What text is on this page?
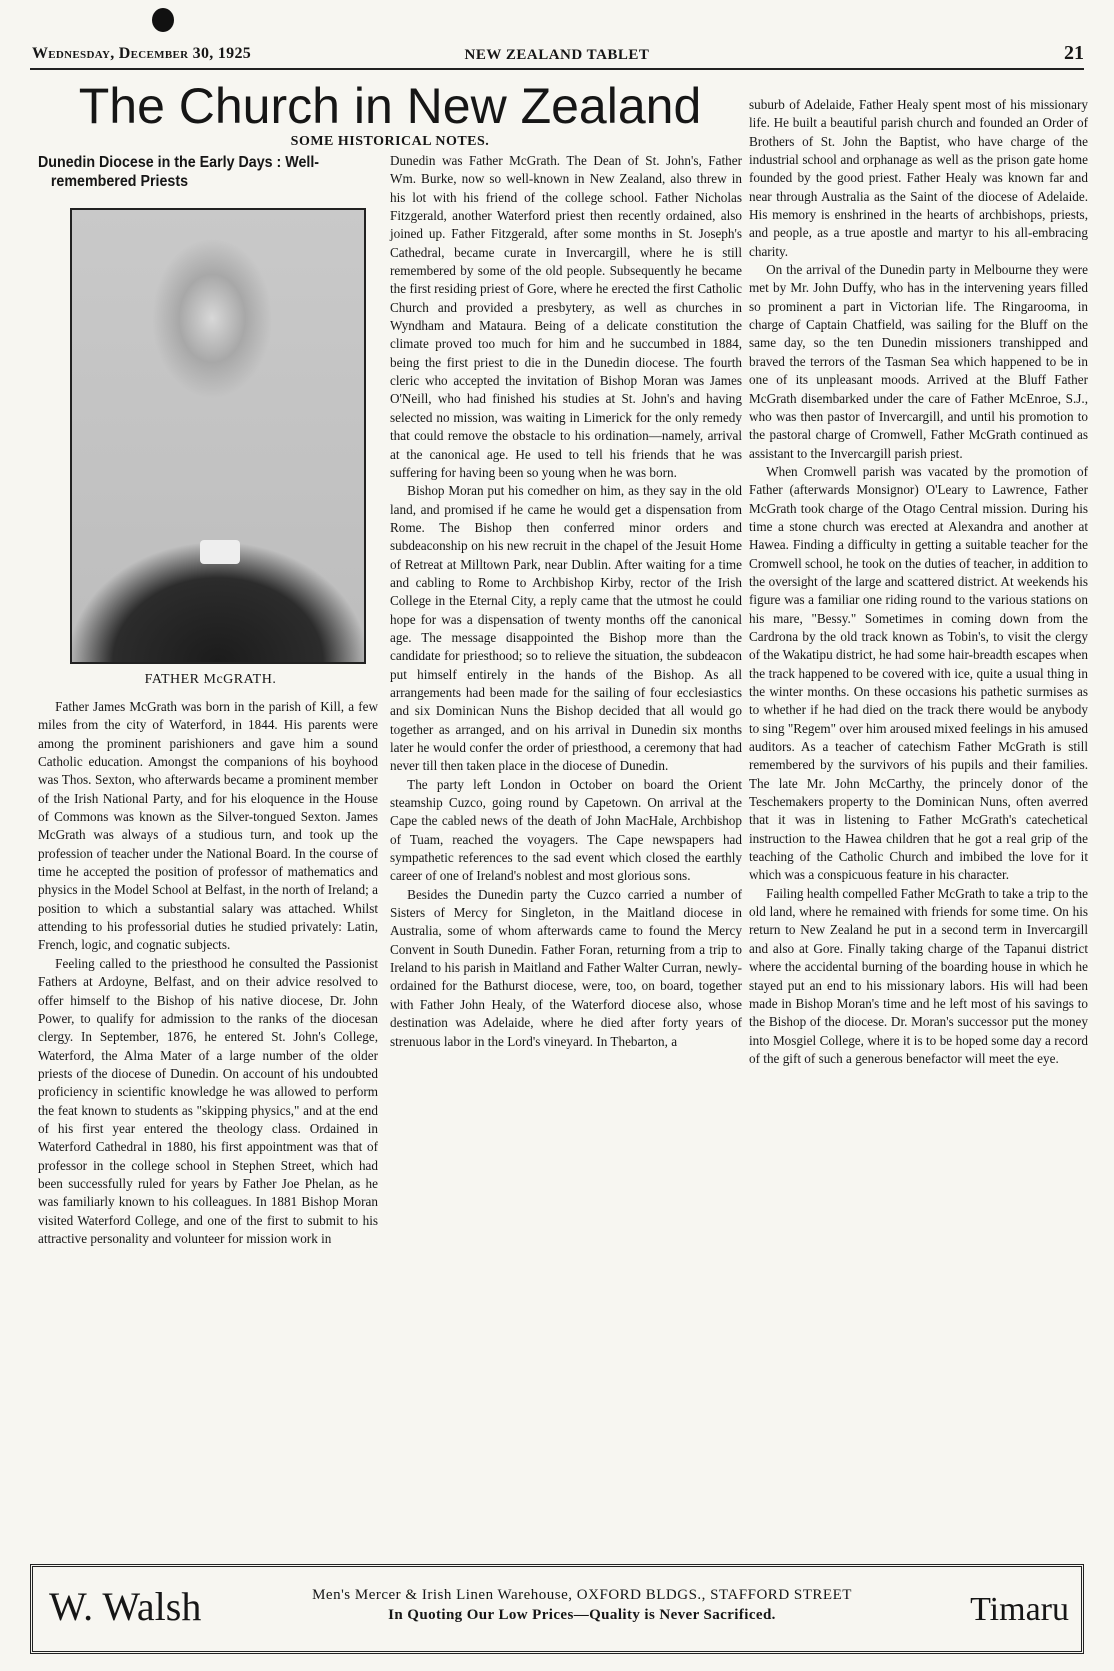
Wednesday, December 30, 1925	NEW ZEALAND TABLET	21
The Church in New Zealand
SOME HISTORICAL NOTES.
Dunedin Diocese in the Early Days : Well-
remembered Priests
FATHER McGRATH.

Father James McGrath was born in the parish of Kill, a few miles from the city of Waterford, in 1844. His parents were among the prominent parishioners and gave him a sound Catholic education. Amongst the companions of his boyhood was Thos. Sexton, who afterwards became a prominent member of the Irish National Party, and for his eloquence in the House of Commons was known as the Silver-tongued Sexton. James McGrath was always of a studious turn, and took up the profession of teacher under the National Board. In the course of time he accepted the position of professor of mathematics and physics in the Model School at Belfast, in the north of Ireland; a position to which a substantial salary was attached. Whilst attending to his professorial duties he studied privately: Latin, French, logic, and cognatic subjects.

Feeling called to the priesthood he consulted the Passionist Fathers at Ardoyne, Belfast, and on their advice resolved to offer himself to the Bishop of his native diocese, Dr. John Power, to qualify for admission to the ranks of the diocesan clergy. In September, 1876, he entered St. John's College, Waterford, the Alma Mater of a large number of the older priests of the diocese of Dunedin. On account of his undoubted proficiency in scientific knowledge he was allowed to perform the feat known to students as "skipping physics," and at the end of his first year entered the theology class. Ordained in Waterford Cathedral in 1880, his first appointment was that of professor in the college school in Stephen Street, which had been successfully ruled for years by Father Joe Phelan, as he was familiarly known to his colleagues. In 1881 Bishop Moran visited Waterford College, and one of the first to submit to his attractive personality and volunteer for mission work in

Dunedin was Father McGrath. The Dean of St. John's, Father Wm. Burke, now so well-known in New Zealand, also threw in his lot with his friend of the college school. Father Nicholas Fitzgerald, another Waterford priest then recently ordained, also joined up. Father Fitzgerald, after some months in St. Joseph's Cathedral, became curate in Invercargill, where he is still remembered by some of the old people. Subsequently he became the first residing priest of Gore, where he erected the first Catholic Church and provided a presbytery, as well as churches in Wyndham and Mataura. Being of a delicate constitution the climate proved too much for him and he succumbed in 1884, being the first priest to die in the Dunedin diocese. The fourth cleric who accepted the invitation of Bishop Moran was James O'Neill, who had finished his studies at St. John's and having selected no mission, was waiting in Limerick for the only remedy that could remove the obstacle to his ordination—namely, arrival at the canonical age. He used to tell his friends that he was suffering for having been so young when he was born.

Bishop Moran put his comedher on him, as they say in the old land, and promised if he came he would get a dispensation from Rome. The Bishop then conferred minor orders and subdeaconship on his new recruit in the chapel of the Jesuit Home of Retreat at Milltown Park, near Dublin. After waiting for a time and cabling to Rome to Archbishop Kirby, rector of the Irish College in the Eternal City, a reply came that the utmost he could hope for was a dispensation of twenty months off the canonical age. The message disappointed the Bishop more than the candidate for priesthood; so to relieve the situation, the subdeacon put himself entirely in the hands of the Bishop. As all arrangements had been made for the sailing of four ecclesiastics and six Dominican Nuns the Bishop decided that all would go together as arranged, and on his arrival in Dunedin six months later he would confer the order of priesthood, a ceremony that had never till then taken place in the diocese of Dunedin.

The party left London in October on board the Orient steamship Cuzco, going round by Capetown. On arrival at the Cape the cabled news of the death of John MacHale, Archbishop of Tuam, reached the voyagers. The Cape newspapers had sympathetic references to the sad event which closed the earthly career of one of Ireland's noblest and most glorious sons.

Besides the Dunedin party the Cuzco carried a number of Sisters of Mercy for Singleton, in the Maitland diocese in Australia, some of whom afterwards came to found the Mercy Convent in South Dunedin. Father Foran, returning from a trip to Ireland to his parish in Maitland and Father Walter Curran, newly-ordained for the Bathurst diocese, were, too, on board, together with Father John Healy, of the Waterford diocese also, whose destination was Adelaide, where he died after forty years of strenuous labor in the Lord's vineyard. In Thebarton, a

suburb of Adelaide, Father Healy spent most of his missionary life. He built a beautiful parish church and founded an Order of Brothers of St. John the Baptist, who have charge of the industrial school and orphanage as well as the prison gate home founded by the good priest. Father Healy was known far and near through Australia as the Saint of the diocese of Adelaide. His memory is enshrined in the hearts of archbishops, priests, and people, as a true apostle and martyr to his all-embracing charity.

On the arrival of the Dunedin party in Melbourne they were met by Mr. John Duffy, who has in the intervening years filled so prominent a part in Victorian life. The Ringarooma, in charge of Captain Chatfield, was sailing for the Bluff on the same day, so the ten Dunedin missioners transhipped and braved the terrors of the Tasman Sea which happened to be in one of its unpleasant moods. Arrived at the Bluff Father McGrath disembarked under the care of Father McEnroe, S.J., who was then pastor of Invercargill, and until his promotion to the pastoral charge of Cromwell, Father McGrath continued as assistant to the Invercargill parish priest.

When Cromwell parish was vacated by the promotion of Father (afterwards Monsignor) O'Leary to Lawrence, Father McGrath took charge of the Otago Central mission. During his time a stone church was erected at Alexandra and another at Hawea. Finding a difficulty in getting a suitable teacher for the Cromwell school, he took on the duties of teacher, in addition to the oversight of the large and scattered district. At weekends his figure was a familiar one riding round to the various stations on his mare, "Bessy." Sometimes in coming down from the Cardrona by the old track known as Tobin's, to visit the clergy of the Wakatipu district, he had some hair-breadth escapes when the track happened to be covered with ice, quite a usual thing in the winter months. On these occasions his pathetic surmises as to whether if he had died on the track there would be anybody to sing "Regem" over him aroused mixed feelings in his amused auditors. As a teacher of catechism Father McGrath is still remembered by the survivors of his pupils and their families. The late Mr. John McCarthy, the princely donor of the Teschemakers property to the Dominican Nuns, often averred that it was in listening to Father McGrath's catechetical instruction to the Hawea children that he got a real grip of the teaching of the Catholic Church and imbibed the love for it which was a conspicuous feature in his character.

Failing health compelled Father McGrath to take a trip to the old land, where he remained with friends for some time. On his return to New Zealand he put in a second term in Invercargill and also at Gore. Finally taking charge of the Tapanui district where the accidental burning of the boarding house in which he stayed put an end to his missionary labors. His will had been made in Bishop Moran's time and he left most of his savings to the Bishop of the diocese. Dr. Moran's successor put the money into Mosgiel College, where it is to be hoped some day a record of the gift of such a generous benefactor will meet the eye.

W. Walsh	Men's Mercer & Irish Linen Warehouse, OXFORD BLDGS., STAFFORD STREET
In Quoting Our Low Prices—Quality is Never Sacrificed.	Timaru
